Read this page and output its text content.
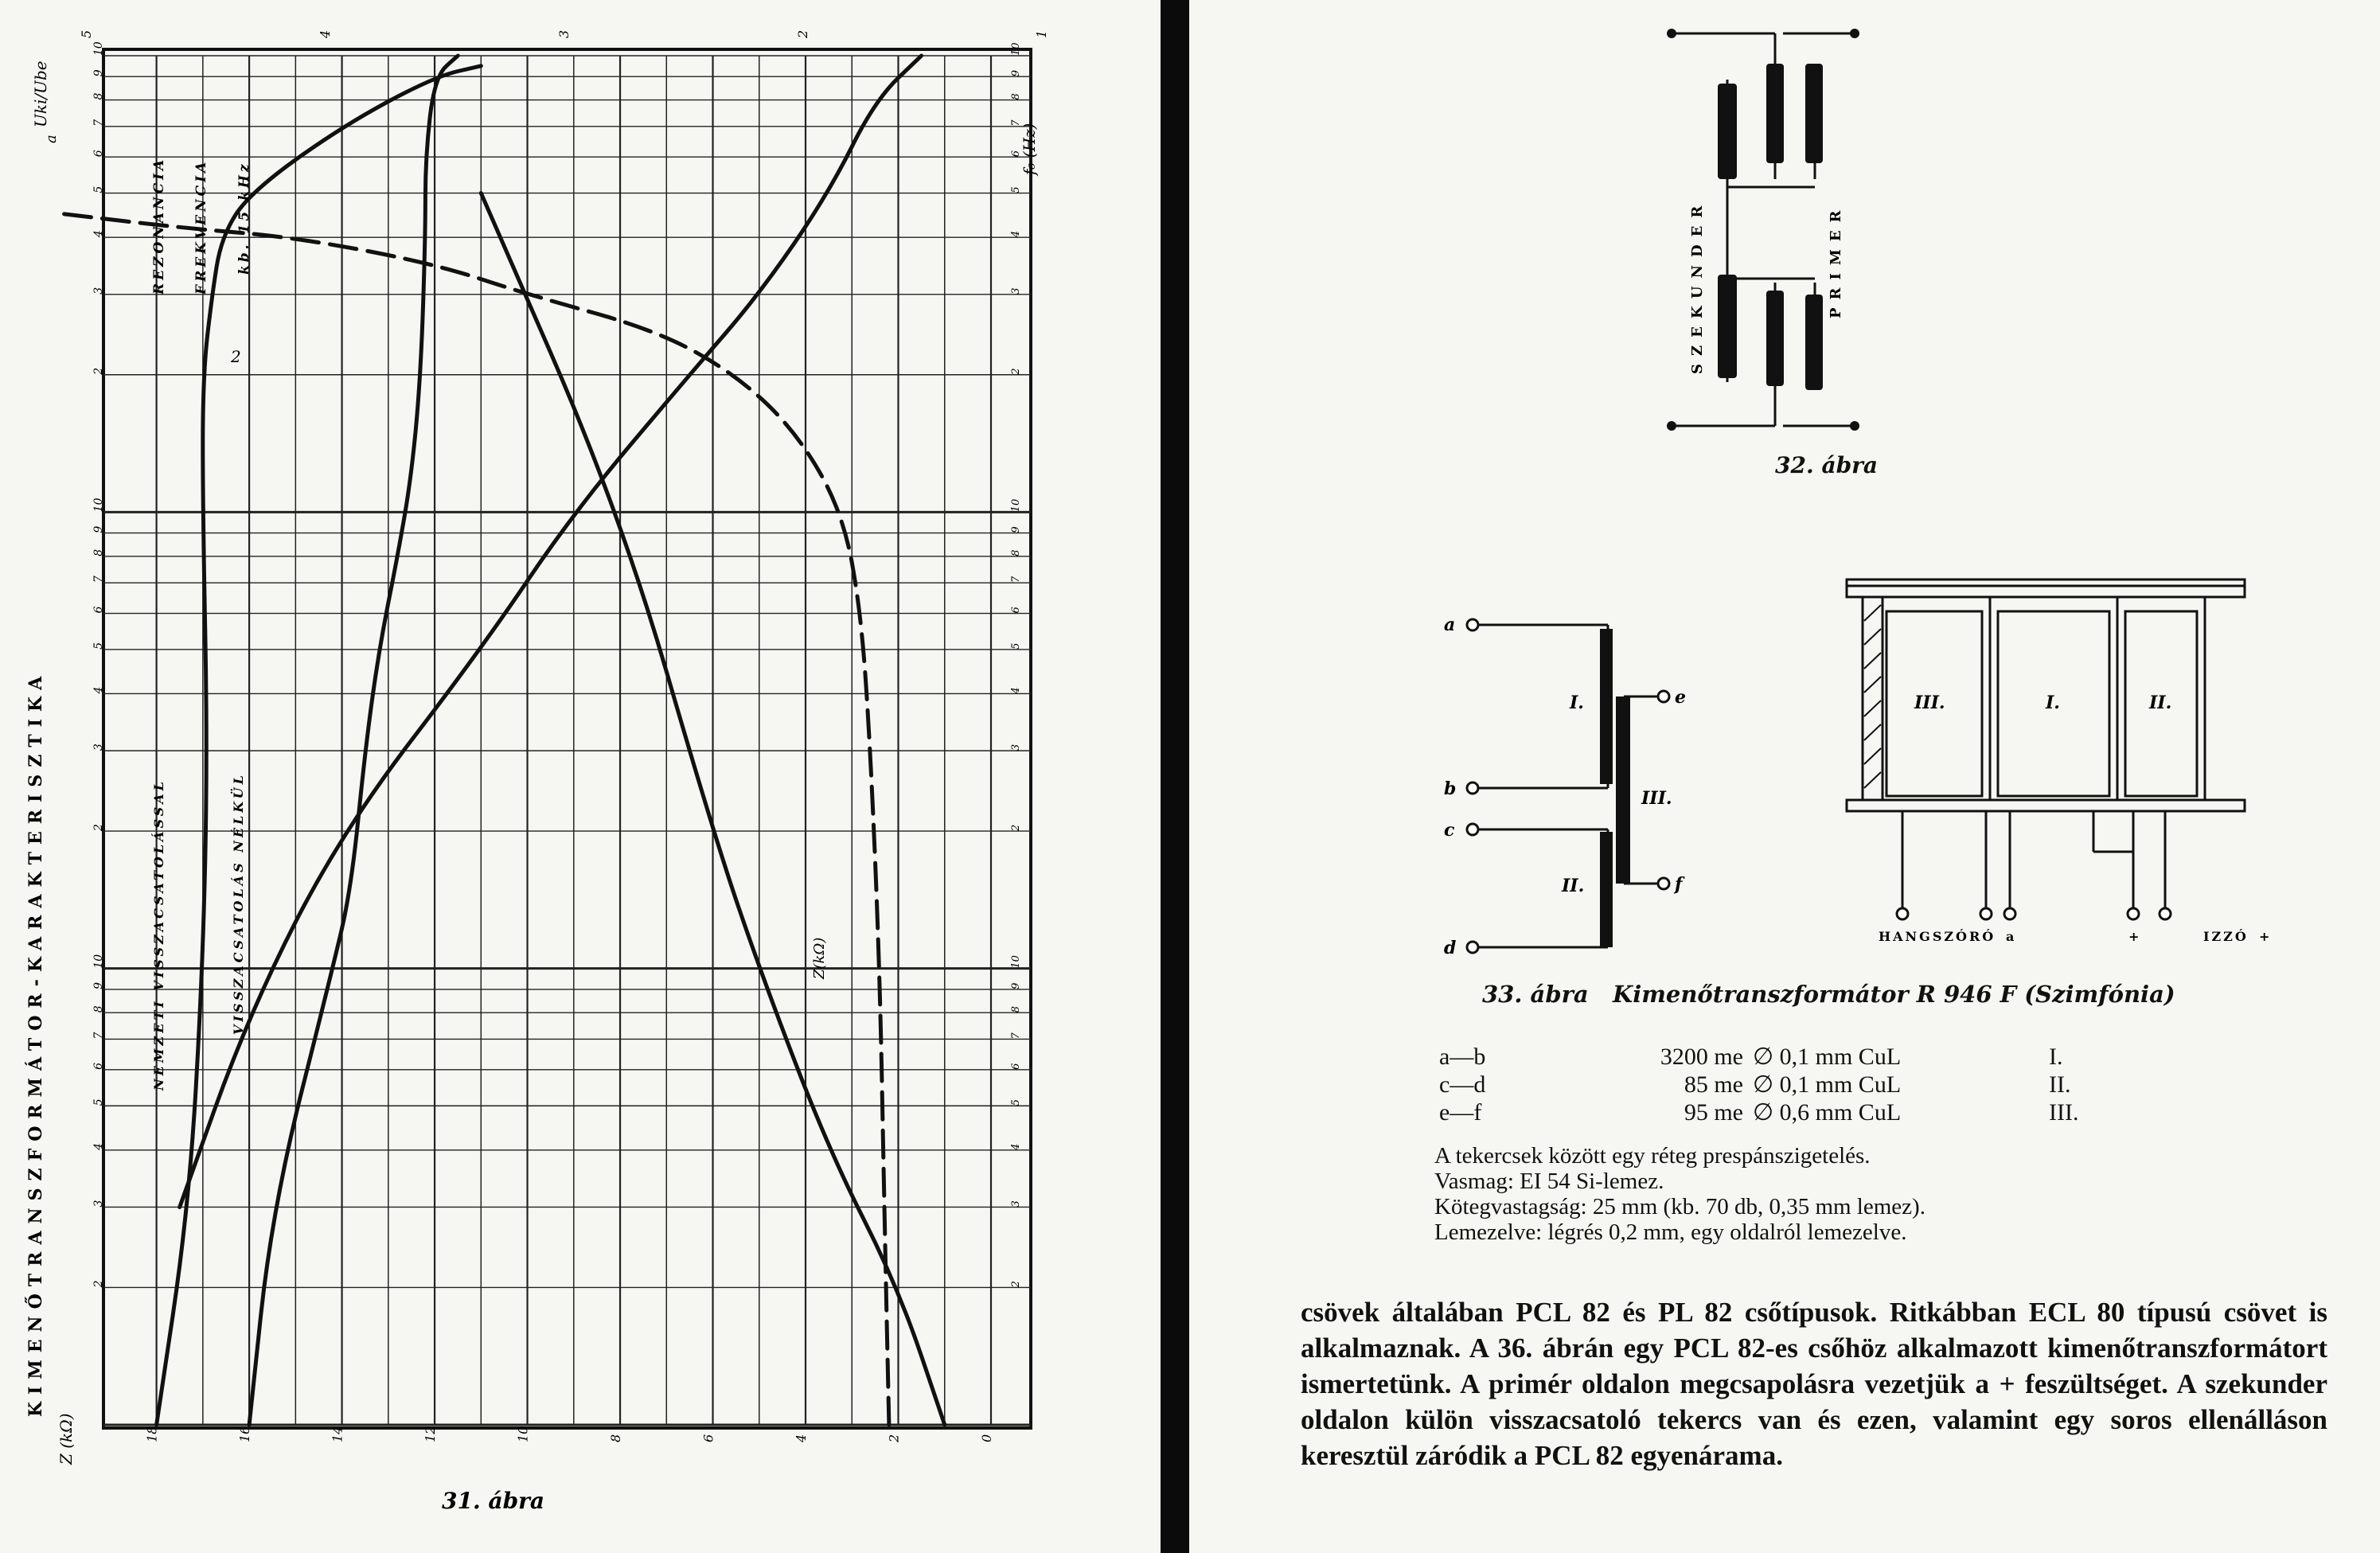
2	2
3	3
4	4
5	5
6	6
7	7
8	8
9	9
10	10
2	2
3	3
4	4
5	5
6	6
7	7
8	8
9	9
10	10
2	2
3	3
4	4
5	5
6	6
7	7
8	8
9	9
10	10
18	16	14	12	10	8	6	4	2	0
5	4	3	2	1
KIMENŐTRANSZFORMÁTOR-KARAKTERISZTIKA
Uki/Ube
a	f₀ (Hz)
Z (kΩ)
REZONANCIA FREKVENCIA kb. 15 kHz
NEMZETI VISSZACSATOLÁSSAL	VISSZACSATOLÁS NÉLKÜL	Z(kΩ)
2
31. ábra
SZEKUNDER	PRIMER
32. ábra
a
b
c
d
e
f
I.
II.
III.
III.	I.	II.
HANGSZÓRÓ a	+	IZZÓ +
33. ábra Kimenőtranszformátor R 946 F (Szimfónia)
a—b	3200 me	∅ 0,1 mm CuL	I.
c—d	85 me	∅ 0,1 mm CuL	II.
e—f	95 me	∅ 0,6 mm CuL	III.
A tekercsek között egy réteg prespánszigetelés.
Vasmag: EI 54 Si-lemez.
Kötegvastagság: 25 mm (kb. 70 db, 0,35 mm lemez).
Lemezelve: légrés 0,2 mm, egy oldalról lemezelve.
csövek általában PCL 82 és PL 82 csőtípusok. Ritkábban ECL 80 típusú csövet is alkalmaznak. A 36. ábrán egy PCL 82-es csőhöz alkalmazott kimenőtranszformátort ismertetünk. A primér oldalon megcsapolásra vezetjük a + feszültséget. A szekunder oldalon külön visszacsatoló tekercs van és ezen, valamint egy soros ellenálláson keresztül záródik a PCL 82 egyenárama.
